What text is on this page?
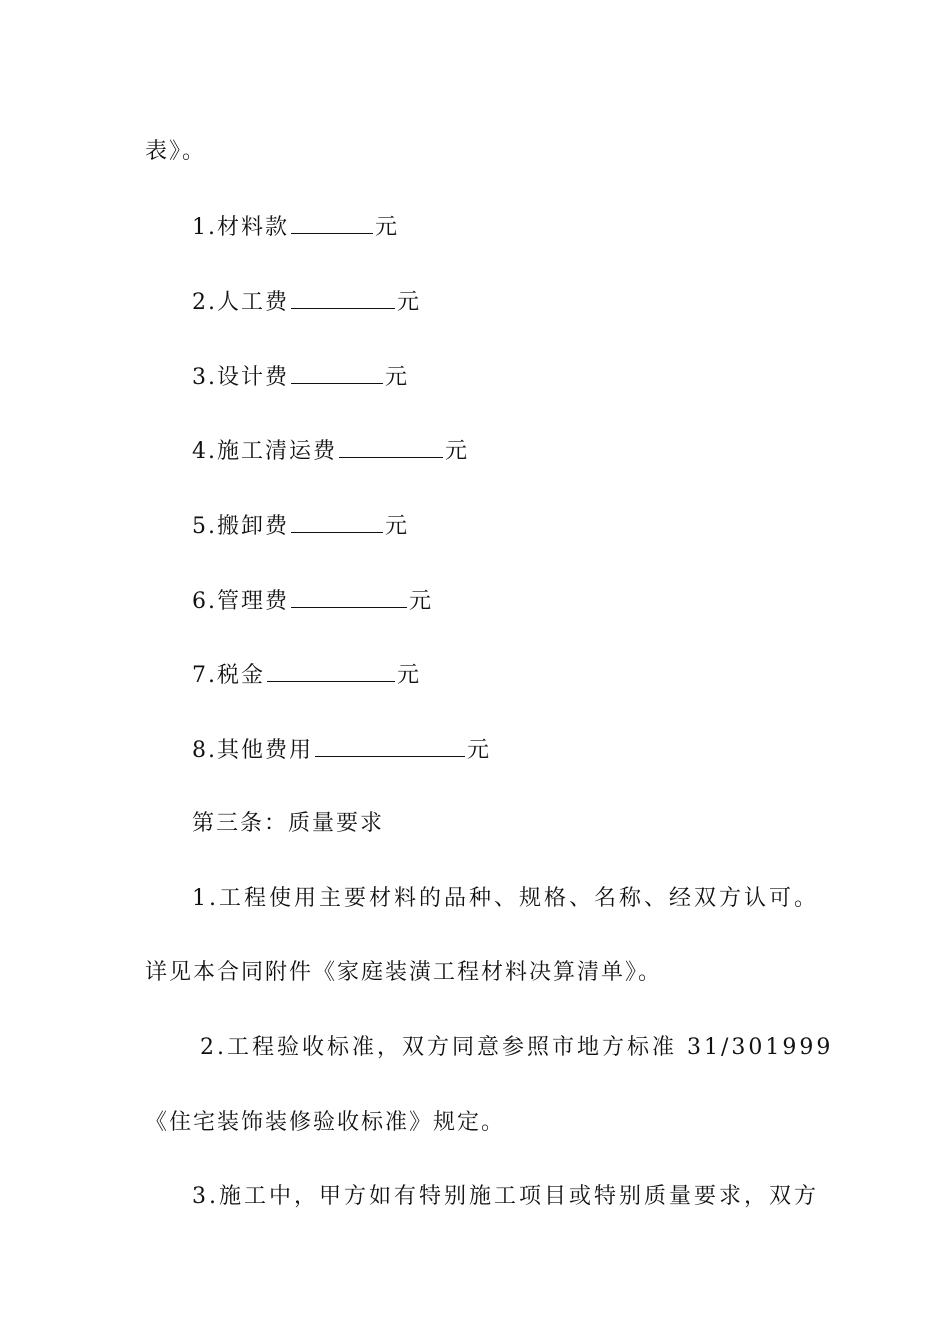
表》。
1.材料款	元
2.人工费	元
3.设计费	元
4.施工清运费	元
5.搬卸费	元
6.管理费	元
7.税金	元
8.其他费用	元
第三条：质量要求
1.工程使用主要材料的品种、规格、名称、经双方认可。
详见本合同附件《家庭装潢工程材料决算清单》。
2.工程验收标准，双方同意参照市地方标准 31/301999
《住宅装饰装修验收标准》规定。
3.施工中，甲方如有特别施工项目或特别质量要求，双方
